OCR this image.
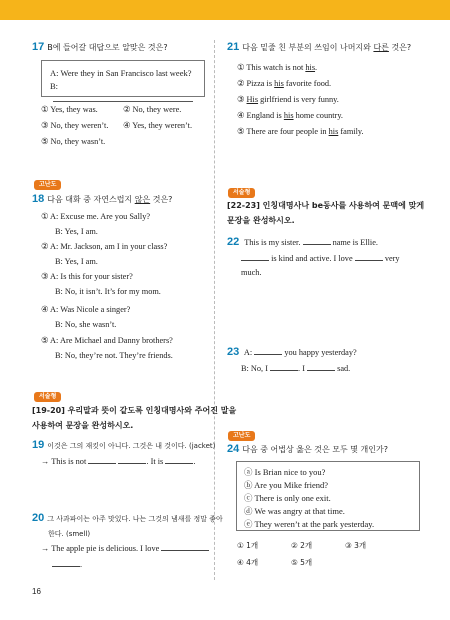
17 B에 들어갈 대답으로 알맞은 것은?
A: Were they in San Francisco last week?
B:
① Yes, they was.	② No, they were.
③ No, they weren’t. ④ Yes, they weren’t.
⑤ No, they wasn’t.
고난도
18 다음 대화 중 자연스럽지 않은 것은?
① A: Excuse me. Are you Sally?
B: Yes, I am.
② A: Mr. Jackson, am I in your class?
B: Yes, I am.
③ A: Is this for your sister?
B: No, it isn’t. It’s for my mom.
④ A: Was Nicole a singer?
B: No, she wasn’t.
⑤ A: Are Michael and Danny brothers?
B: No, they’re not. They’re friends.
서술형
[19-20] 우리말과 뜻이 같도록 인칭대명사와 주어진 말을
사용하여 문장을 완성하시오.
19 이것은 그의 재킷이 아니다. 그것은 내 것이다. (jacket)
→ This is not	. It is	.
20 그 사과파이는 아주 맛있다. 나는 그것의 냄새를 정말 좋아
한다. (smell)
→ The apple pie is delicious. I love
.
16
21 다음 밑줄 친 부분의 쓰임이 나머지와 다른 것은?
① This watch is not his.
② Pizza is his favorite food.
③ His girlfriend is very funny.
④ England is his home country.
⑤ There are four people in his family.
서술형
[22-23] 인칭대명사나 be동사를 사용하여 문맥에 맞게
문장을 완성하시오.
22 This is my sister.	name is Ellie.
is kind and active. I love	very
much.
23 A:	you happy yesterday?
B: No, I	. I	sad.
고난도
24 다음 중 어법상 옳은 것은 모두 몇 개인가?
ⓐ Is Brian nice to you?
ⓑ Are you Mike friend?
ⓒ There is only one exit.
ⓓ We was angry at that time.
ⓔ They weren’t at the park yesterday.
① 1개	② 2개	③ 3개
④ 4개	⑤ 5개
